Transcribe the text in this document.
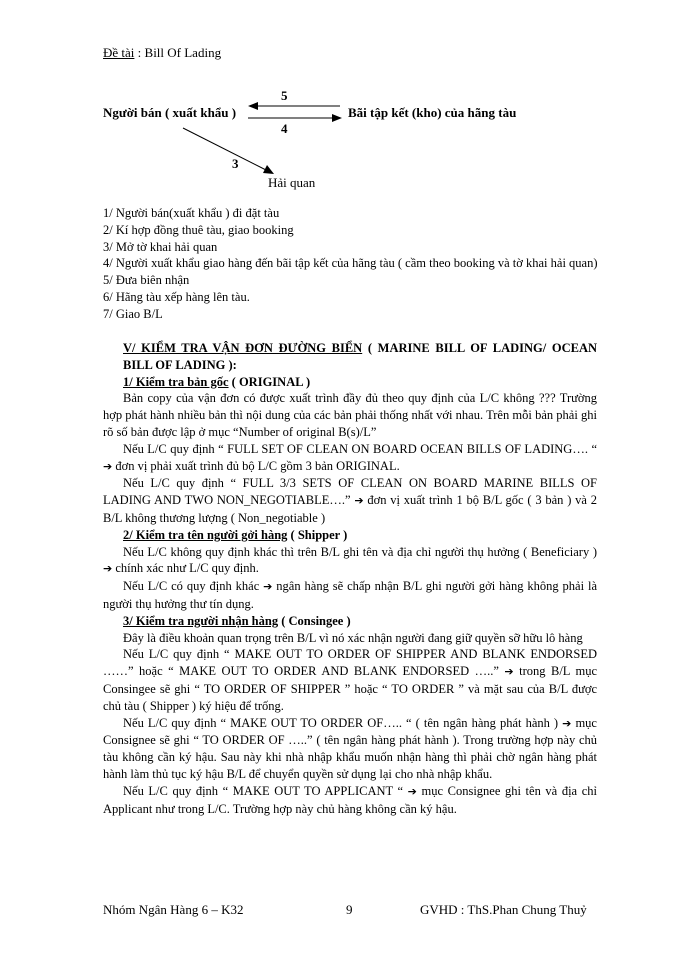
Đề tài : Bill Of Lading
5
4
3
Người bán ( xuất khẩu )	Bãi tập kết (kho) của hãng tàu
Hải quan

1/ Người bán(xuất khẩu ) đi đặt tàu

2/ Kí hợp đồng thuê tàu, giao booking

3/ Mở tờ khai hải quan

4/ Người xuất khẩu giao hàng đến bãi tập kết của hãng tàu ( cầm theo booking và tờ khai hải quan)

5/ Đưa biên nhận

6/ Hãng tàu xếp hàng lên tàu.

7/ Giao B/L

V/ KIỂM TRA VẬN ĐƠN ĐƯỜNG BIỂN ( MARINE BILL OF LADING/ OCEAN BILL OF LADING ):

1/ Kiểm tra bản gốc ( ORIGINAL )

Bản copy của vận đơn có được xuất trình đầy đủ theo quy định của L/C không ??? Trường hợp phát hành nhiều bản thì nội dung của các bản phải thống nhất với nhau. Trên mỗi bản phải ghi rõ số bản được lập ở mục “Number of original B(s)/L”

Nếu L/C quy định “ FULL SET OF CLEAN ON BOARD OCEAN BILLS OF LADING…. “ ➔ đơn vị phải xuất trình đủ bộ L/C gồm 3 bản ORIGINAL.

Nếu L/C quy định “ FULL 3/3 SETS OF CLEAN ON BOARD MARINE BILLS OF LADING AND TWO NON_NEGOTIABLE….” ➔ đơn vị xuất trình 1 bộ B/L gốc ( 3 bản ) và 2 B/L không thương lượng ( Non_negotiable )

2/ Kiểm tra tên người gởi hàng ( Shipper )

Nếu L/C không quy định khác thì trên B/L ghi tên và địa chỉ người thụ hưởng ( Beneficiary ) ➔ chính xác như L/C quy định.

Nếu L/C có quy định khác ➔ ngân hàng sẽ chấp nhận B/L ghi người gởi hàng không phải là người thụ hưởng thư tín dụng.

3/ Kiểm tra người nhận hàng ( Consingee )

Đây là điều khoản quan trọng trên B/L vì nó xác nhận người đang giữ quyền sỡ hữu lô hàng

Nếu L/C quy định “ MAKE OUT TO ORDER OF SHIPPER AND BLANK ENDORSED ……” hoặc “ MAKE OUT TO ORDER AND BLANK ENDORSED …..” ➔ trong B/L mục Consingee sẽ ghi “ TO ORDER OF SHIPPER ” hoặc “ TO ORDER ” và mặt sau của B/L được chủ tàu ( Shipper ) ký hiệu để trống.

Nếu L/C quy định “ MAKE OUT TO ORDER OF….. “ ( tên ngân hàng phát hành ) ➔ mục Consignee sẽ ghi “ TO ORDER OF …..” ( tên ngân hàng phát hành ). Trong trường hợp này chủ tàu không cần ký hậu. Sau này khi nhà nhập khẩu muốn nhận hàng thì phải chờ ngân hàng phát hành làm thủ tục ký hậu B/L để chuyển quyền sử dụng lại cho nhà nhập khẩu.

Nếu L/C quy định “ MAKE OUT TO APPLICANT “ ➔ mục Consignee ghi tên và địa chỉ Applicant như trong L/C. Trường hợp này chủ hàng không cần ký hậu.

Nhóm Ngân Hàng 6 – K32	9	GVHD : ThS.Phan Chung Thuỷ
